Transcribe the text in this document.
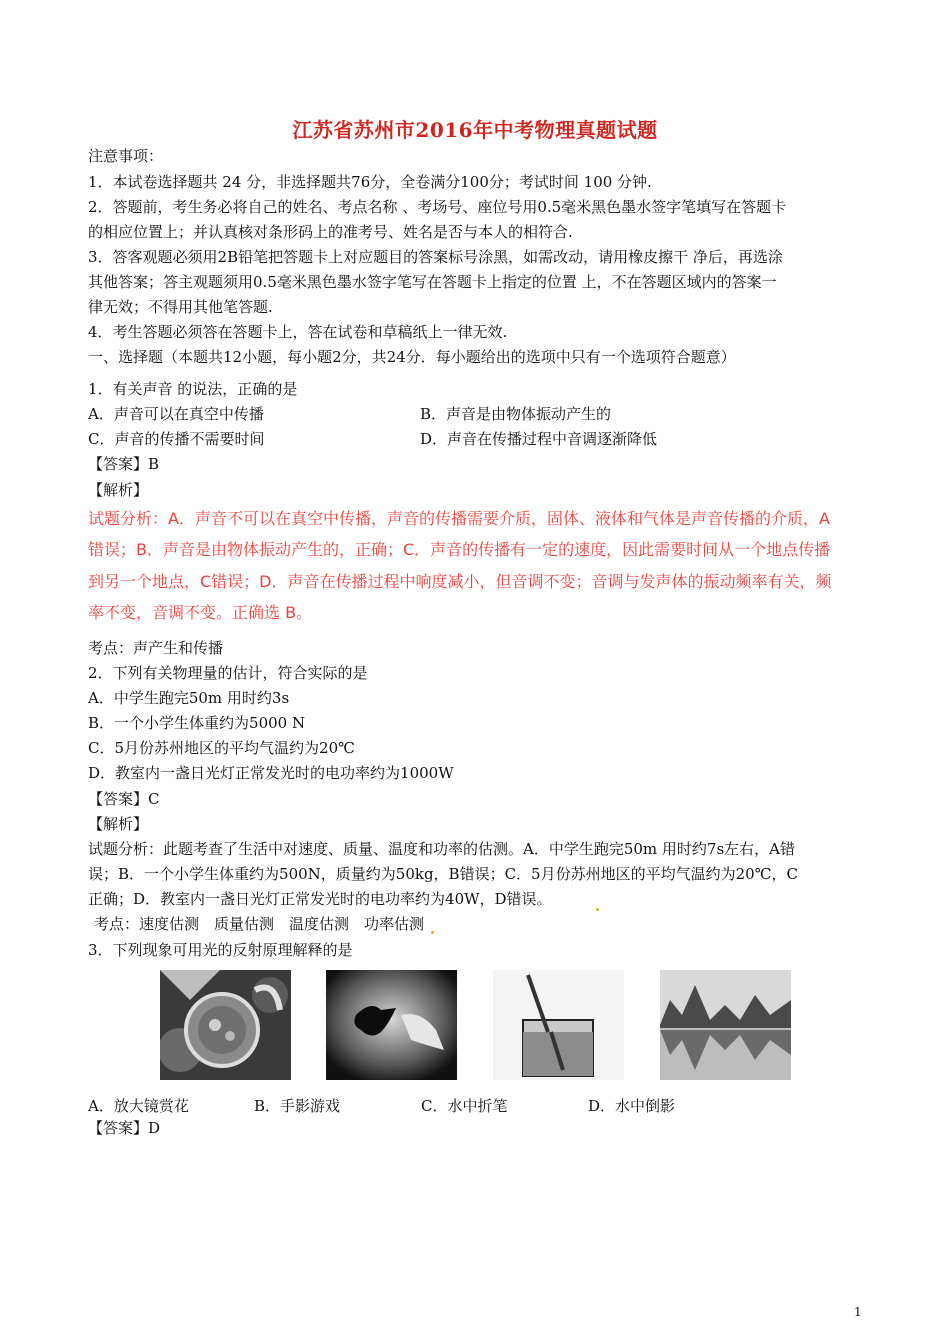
江苏省苏州市2016年中考物理真题试题
注意事项：
1．本试卷选择题共 24 分，非选择题共76分，全卷满分100分；考试时间 100 分钟.
2．答题前，考生务必将自己的姓名、考点名称 、考场号、座位号用0.5毫米黑色墨水签字笔填写在答题卡
的相应位置上；并认真核对条形码上的准考号、姓名是否与本人的相符合.
3．答客观题必须用2B铅笔把答题卡上对应题目的答案标号涂黑，如需改动，请用橡皮擦干 净后，再选涂
其他答案；答主观题须用0.5毫米黑色墨水签字笔写在答题卡上指定的位置 上，不在答题区域内的答案一
律无效；不得用其他笔答题.
4．考生答题必须答在答题卡上，答在试卷和草稿纸上一律无效.
一、选择题（本题共12小题，每小题2分，共24分．每小题给出的选项中只有一个选项符合题意）
1．有关声音 的说法，正确的是
A．声音可以在真空中传播	B．声音是由物体振动产生的
C．声音的传播不需要时间	D．声音在传播过程中音调逐渐降低
【答案】B
【解析】
试题分析：A．声音不可以在真空中传播，声音的传播需要介质，固体、液体和气体是声音传播的介质，A
错误；B．声音是由物体振动产生的，正确；C．声音的传播有一定的速度，因此需要时间从一个地点传播
到另一个地点，C错误；D．声音在传播过程中响度减小，但音调不变；音调与发声体的振动频率有关，频
率不变，音调不变。正确选 B。
考点：声产生和传播
2．下列有关物理量的估计，符合实际的是
A．中学生跑完50m 用时约3s
B．一个小学生体重约为5000 N
C．5月份苏州地区的平均气温约为20℃
D．教室内一盏日光灯正常发光时的电功率约为1000W
【答案】C
【解析】
试题分析：此题考查了生活中对速度、质量、温度和功率的估测。A．中学生跑完50m 用时约7s左右，A错
误；B．一个小学生体重约为500N，质量约为50kg，B错误；C．5月份苏州地区的平均气温约为20℃，C
正确；D．教室内一盏日光灯正常发光时的电功率约为40W，D错误。
考点：速度估测　质量估测　温度估测　功率估测
3．下列现象可用光的反射原理解释的是
A．放大镜赏花	B．手影游戏	C．水中折笔	D．水中倒影
【答案】D
1
